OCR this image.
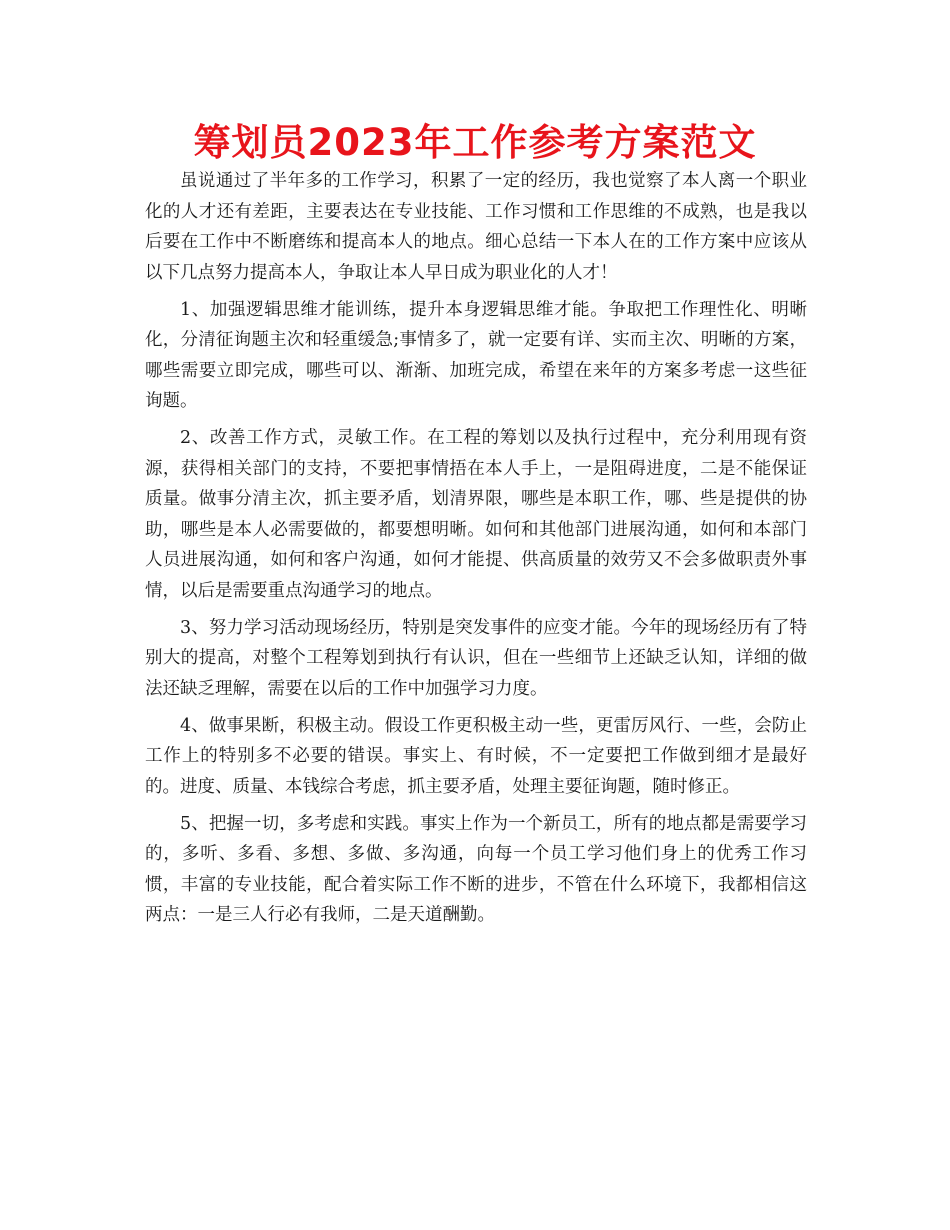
筹划员2023年工作参考方案范文

虽说通过了半年多的工作学习，积累了一定的经历，我也觉察了本人离一个职业化的人才还有差距，主要表达在专业技能、工作习惯和工作思维的不成熟，也是我以后要在工作中不断磨练和提高本人的地点。细心总结一下本人在的工作方案中应该从以下几点努力提高本人，争取让本人早日成为职业化的人才！

1、加强逻辑思维才能训练，提升本身逻辑思维才能。争取把工作理性化、明晰化，分清征询题主次和轻重缓急;事情多了，就一定要有详、实而主次、明晰的方案，哪些需要立即完成，哪些可以、渐渐、加班完成，希望在来年的方案多考虑一这些征询题。

2、改善工作方式，灵敏工作。在工程的筹划以及执行过程中，充分利用现有资源，获得相关部门的支持，不要把事情捂在本人手上，一是阻碍进度，二是不能保证质量。做事分清主次，抓主要矛盾，划清界限，哪些是本职工作，哪、些是提供的协助，哪些是本人必需要做的，都要想明晰。如何和其他部门进展沟通，如何和本部门人员进展沟通，如何和客户沟通，如何才能提、供高质量的效劳又不会多做职责外事情，以后是需要重点沟通学习的地点。

3、努力学习活动现场经历，特别是突发事件的应变才能。今年的现场经历有了特别大的提高，对整个工程筹划到执行有认识，但在一些细节上还缺乏认知，详细的做法还缺乏理解，需要在以后的工作中加强学习力度。

4、做事果断，积极主动。假设工作更积极主动一些，更雷厉风行、一些，会防止工作上的特别多不必要的错误。事实上、有时候，不一定要把工作做到细才是最好的。进度、质量、本钱综合考虑，抓主要矛盾，处理主要征询题，随时修正。

5、把握一切，多考虑和实践。事实上作为一个新员工，所有的地点都是需要学习的，多听、多看、多想、多做、多沟通，向每一个员工学习他们身上的优秀工作习惯，丰富的专业技能，配合着实际工作不断的进步，不管在什么环境下，我都相信这两点：一是三人行必有我师，二是天道酬勤。
